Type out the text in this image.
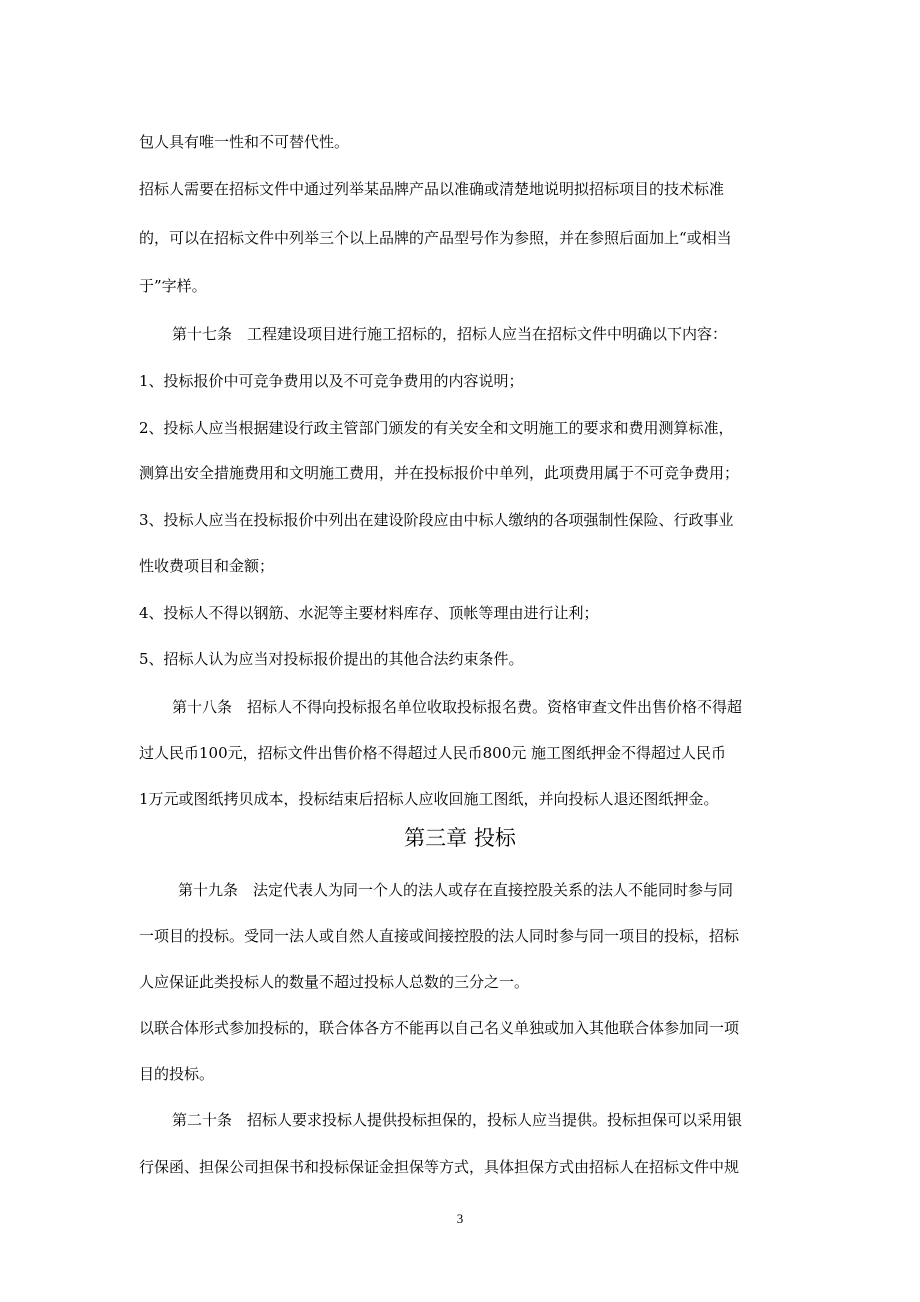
包人具有唯一性和不可替代性。
招标人需要在招标文件中通过列举某品牌产品以准确或清楚地说明拟招标项目的技术标准
的，可以在招标文件中列举三个以上品牌的产品型号作为参照，并在参照后面加上“或相当
于”字样。
第十七条　工程建设项目进行施工招标的，招标人应当在招标文件中明确以下内容：
1、投标报价中可竞争费用以及不可竞争费用的内容说明；
2、投标人应当根据建设行政主管部门颁发的有关安全和文明施工的要求和费用测算标准，
测算出安全措施费用和文明施工费用，并在投标报价中单列，此项费用属于不可竞争费用；
3、投标人应当在投标报价中列出在建设阶段应由中标人缴纳的各项强制性保险、行政事业
性收费项目和金额；
4、投标人不得以钢筋、水泥等主要材料库存、顶帐等理由进行让利；
5、招标人认为应当对投标报价提出的其他合法约束条件。
第十八条　招标人不得向投标报名单位收取投标报名费。资格审查文件出售价格不得超
过人民币100元，招标文件出售价格不得超过人民币800元 施工图纸押金不得超过人民币
1万元或图纸拷贝成本，投标结束后招标人应收回施工图纸，并向投标人退还图纸押金。
第三章 投标
第十九条　法定代表人为同一个人的法人或存在直接控股关系的法人不能同时参与同
一项目的投标。受同一法人或自然人直接或间接控股的法人同时参与同一项目的投标，招标
人应保证此类投标人的数量不超过投标人总数的三分之一。
以联合体形式参加投标的，联合体各方不能再以自己名义单独或加入其他联合体参加同一项
目的投标。
第二十条　招标人要求投标人提供投标担保的，投标人应当提供。投标担保可以采用银
行保函、担保公司担保书和投标保证金担保等方式，具体担保方式由招标人在招标文件中规
3
